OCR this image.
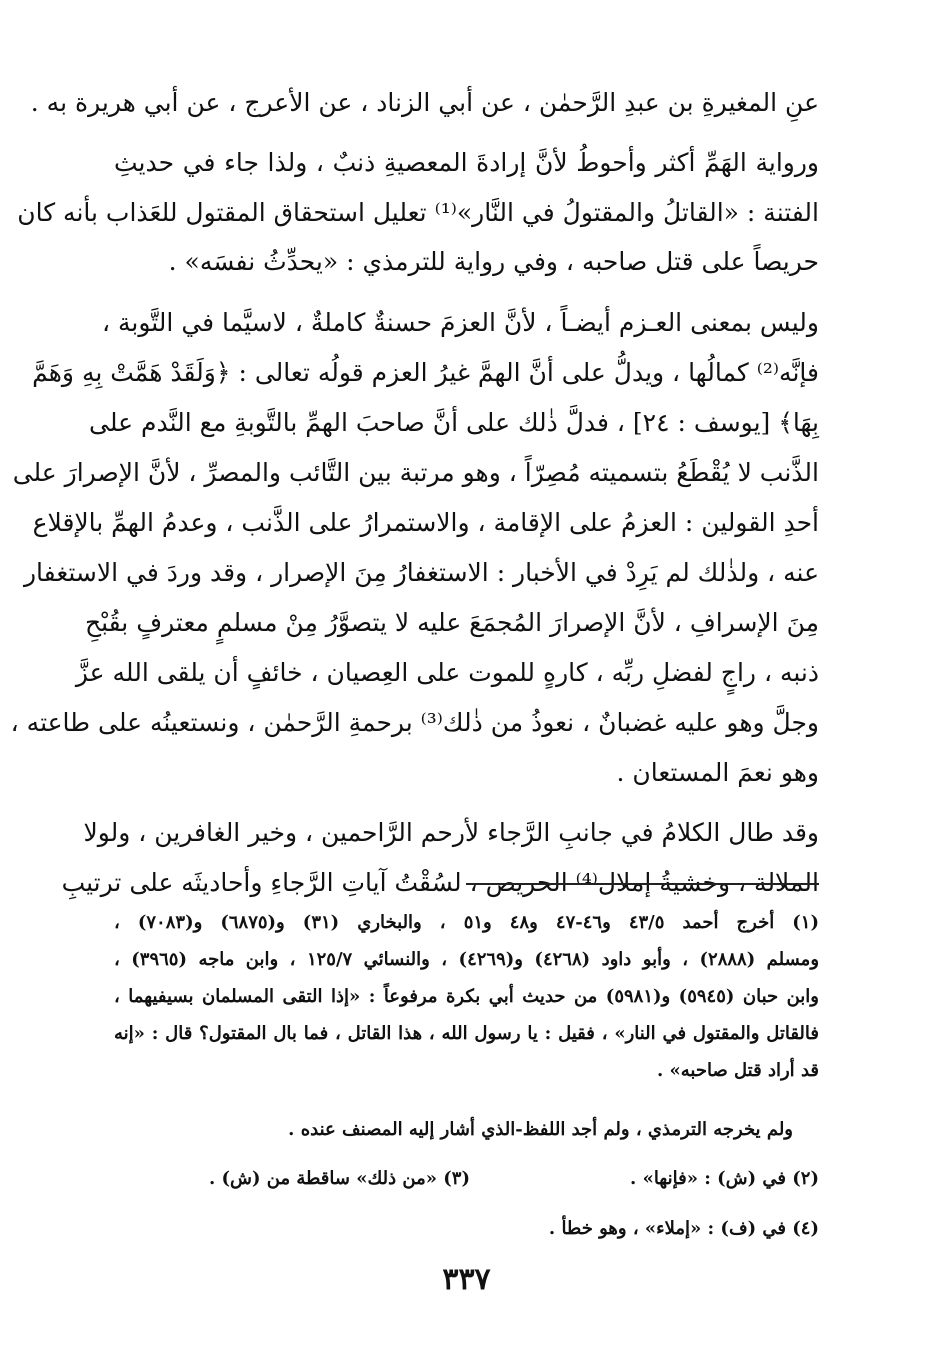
عنِ المغيرةِ بن عبدِ الرَّحمٰن ، عن أبي الزناد ، عن الأعرج ، عن أبي هريرة به .
ورواية الهَمِّ أكثر وأحوطُ لأنَّ إرادةَ المعصيةِ ذنبٌ ، ولذا جاء في حديثِ
الفتنة : «القاتلُ والمقتولُ في النَّار»⁽¹⁾ تعليل استحقاق المقتول للعَذاب بأنه كان
حريصاً على قتل صاحبه ، وفي رواية للترمذي : «يحدِّثُ نفسَه» .
وليس بمعنى العـزم أيضـاً ، لأنَّ العزمَ حسنةٌ كاملةٌ ، لاسيَّما في التَّوبة ،
فإنَّه⁽²⁾ كمالُها ، ويدلُّ على أنَّ الهمَّ غيرُ العزم قولُه تعالى : ﴿وَلَقَدْ هَمَّتْ بِهِ وَهَمَّ
بِهَا﴾ [يوسف : ٢٤] ، فدلَّ ذٰلك على أنَّ صاحبَ الهمِّ بالتَّوبةِ مع النَّدم على
الذَّنب لا يُقْطَعُ بتسميته مُصِرّاً ، وهو مرتبة بين التَّائب والمصرِّ ، لأنَّ الإصرارَ على
أحدِ القولين : العزمُ على الإقامة ، والاستمرارُ على الذَّنب ، وعدمُ الهمِّ بالإقلاع
عنه ، ولذٰلك لم يَرِدْ في الأخبار : الاستغفارُ مِنَ الإصرار ، وقد وردَ في الاستغفار
مِنَ الإسرافِ ، لأنَّ الإصرارَ المُجمَعَ عليه لا يتصوَّرُ مِنْ مسلمٍ معترفٍ بقُبْحِ
ذنبه ، راجٍ لفضلِ ربِّه ، كارهٍ للموت على العِصيان ، خائفٍ أن يلقى الله عزَّ
وجلَّ وهو عليه غضبانٌ ، نعوذُ من ذٰلك⁽³⁾ برحمةِ الرَّحمٰن ، ونستعينُه على طاعته ،
وهو نعمَ المستعان .
وقد طال الكلامُ في جانبِ الرَّجاء لأرحم الرَّاحمين ، وخير الغافرين ، ولولا
الملالة ، وخشيةُ إملال⁽⁴⁾ الحريص ، لسُقْتُ آياتِ الرَّجاءِ وأحاديثَه على ترتيبِ
(١) أخرج أحمد ٤٣/٥ و٤٦-٤٧ و٤٨ و٥١ ، والبخاري (٣١) و(٦٨٧٥) و(٧٠٨٣) ،
ومسلم (٢٨٨٨) ، وأبو داود (٤٢٦٨) و(٤٢٦٩) ، والنسائي ١٢٥/٧ ، وابن ماجه (٣٩٦٥) ،
وابن حبان (٥٩٤٥) و(٥٩٨١) من حديث أبي بكرة مرفوعاً : «إذا التقى المسلمان بسيفيهما ،
فالقاتل والمقتول في النار» ، فقيل : يا رسول الله ، هذا القاتل ، فما بال المقتول؟ قال : «إنه
قد أراد قتل صاحبه» .
ولم يخرجه الترمذي ، ولم أجد اللفظ-الذي أشار إليه المصنف عنده .
(٢) في (ش) : «فإنها» .
(٣) «من ذلك» ساقطة من (ش) .
(٤) في (ف) : «إملاء» ، وهو خطأ .
٣٣٧
